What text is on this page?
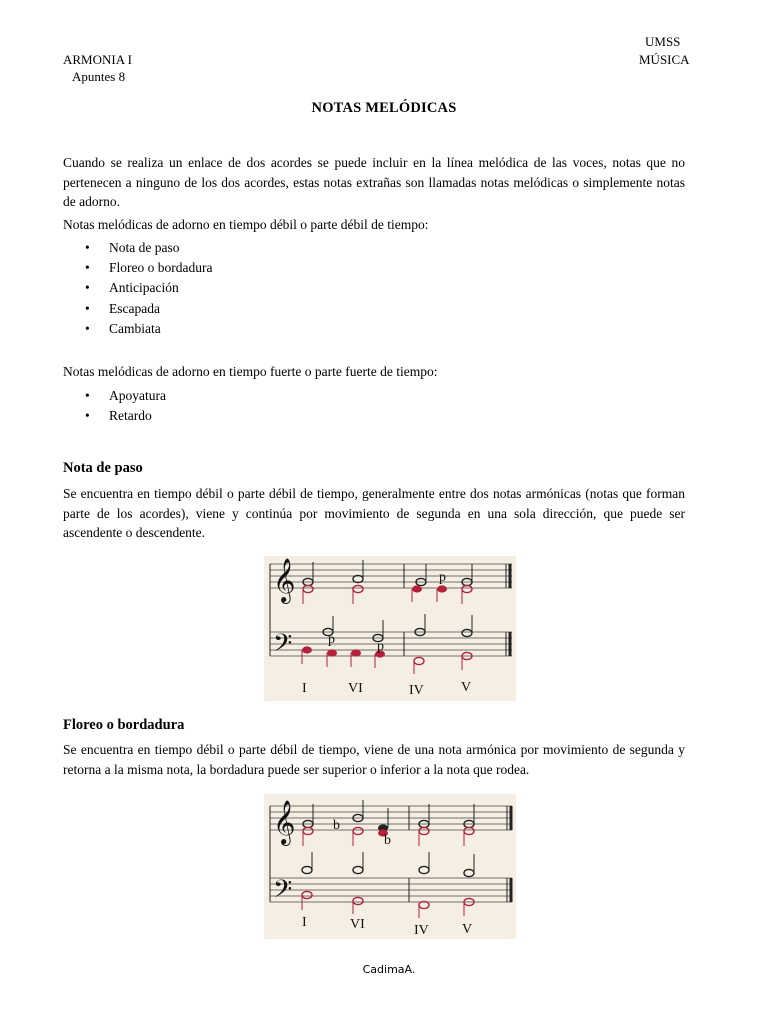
UMSS
MÚSICA
ARMONIA I
Apuntes 8
NOTAS MELÓDICAS
Cuando se realiza un enlace de dos acordes se puede incluir en la línea melódica de las voces, notas que no pertenecen a ninguno de los dos acordes, estas notas extrañas son llamadas notas melódicas o simplemente notas de adorno.
Notas melódicas de adorno en tiempo débil o parte débil de tiempo:
• Nota de paso
• Floreo o bordadura
• Anticipación
• Escapada
• Cambiata
Notas melódicas de adorno en tiempo fuerte o parte fuerte de tiempo:
• Apoyatura
• Retardo
Nota de paso
Se encuentra en tiempo débil o parte débil de tiempo, generalmente entre dos notas armónicas (notas que forman parte de los acordes), viene y continúa por movimiento de segunda en una sola dirección, que puede ser ascendente o descendente.
𝄞
𝄢
p
p	p
I	VI	IV	V
Floreo o bordadura
Se encuentra en tiempo débil o parte débil de tiempo, viene de una nota armónica por movimiento de segunda y retorna a la misma nota, la bordadura puede ser superior o inferior a la nota que rodea.
𝄞
𝄢
b
b
I	VI	IV V
CadimaA.
